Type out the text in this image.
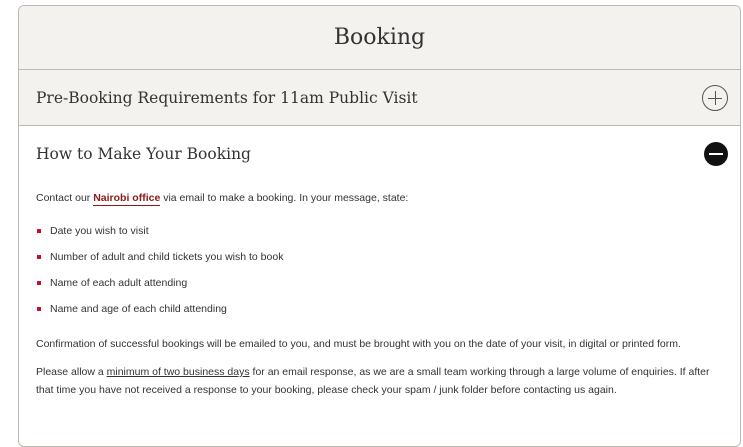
Booking
Pre-Booking Requirements for 11am Public Visit
How to Make Your Booking

Contact our Nairobi office via email to make a booking. In your message, state:

Date you wish to visit
Number of adult and child tickets you wish to book
Name of each adult attending
Name and age of each child attending

Confirmation of successful bookings will be emailed to you, and must be brought with you on the date of your visit, in digital or printed form.

Please allow a minimum of two business days for an email response, as we are a small team working through a large volume of enquiries. If after that time you have not received a response to your booking, please check your spam / junk folder before contacting us again.
